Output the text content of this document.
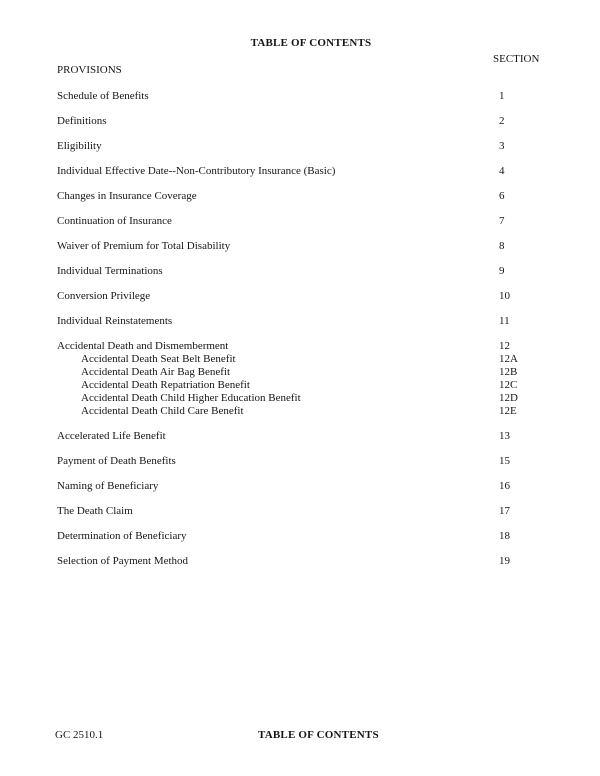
TABLE OF CONTENTS
SECTION
PROVISIONS
Schedule of Benefits	1
Definitions	2
Eligibility	3
Individual Effective Date--Non-Contributory Insurance (Basic)	4
Changes in Insurance Coverage	6
Continuation of Insurance	7
Waiver of Premium for Total Disability	8
Individual Terminations	9
Conversion Privilege	10
Individual Reinstatements	11
Accidental Death and Dismemberment	12
Accidental Death Seat Belt Benefit	12A
Accidental Death Air Bag Benefit	12B
Accidental Death Repatriation Benefit	12C
Accidental Death Child Higher Education Benefit	12D
Accidental Death Child Care Benefit	12E
Accelerated Life Benefit	13
Payment of Death Benefits	15
Naming of Beneficiary	16
The Death Claim	17
Determination of Beneficiary	18
Selection of Payment Method	19
GC 2510.1	TABLE OF CONTENTS
